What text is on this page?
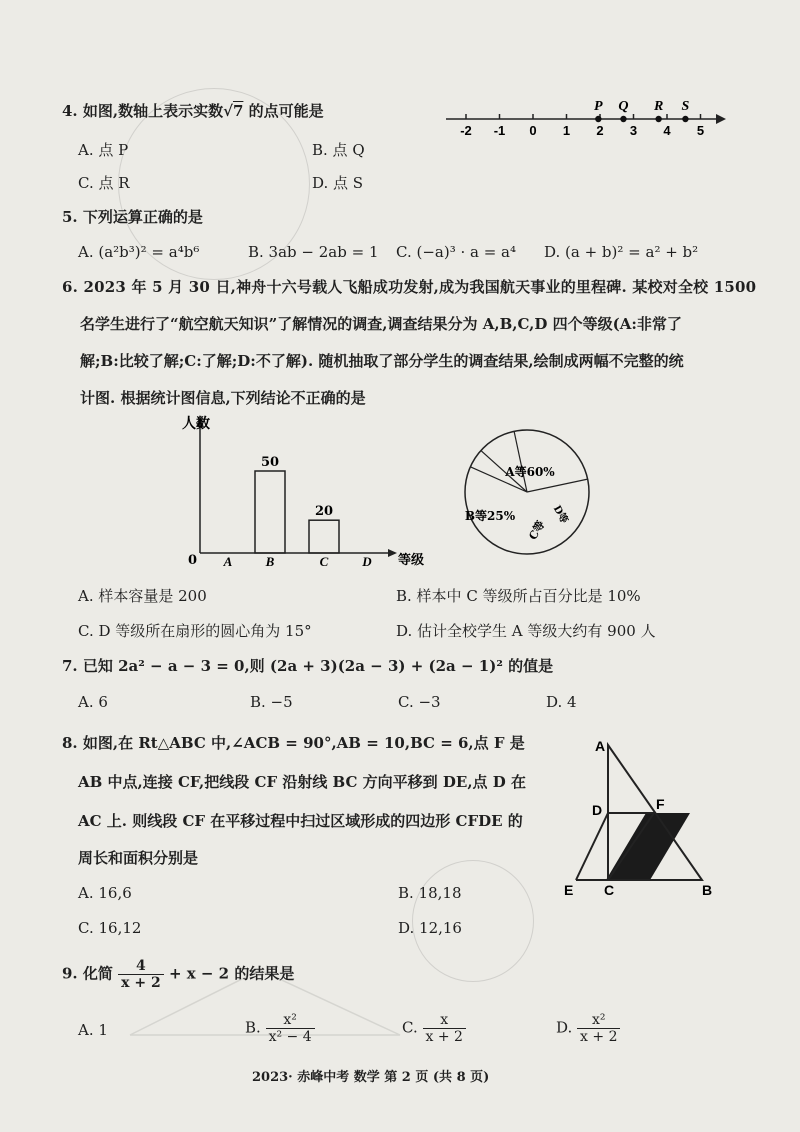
4. 如图,数轴上表示实数√7 的点可能是
A. 点 P	B. 点 Q
C. 点 R	D. 点 S
-2 -1 0 1 2 3 4 5
P Q R S
5. 下列运算正确的是
A. (a²b³)² = a⁴b⁶	B. 3ab − 2ab = 1 C. (−a)³ · a = a⁴ D. (a + b)² = a² + b²
6. 2023 年 5 月 30 日,神舟十六号载人飞船成功发射,成为我国航天事业的里程碑. 某校对全校 1500
名学生进行了“航空航天知识”了解情况的调查,调查结果分为 A,B,C,D 四个等级(A:非常了
解;B:比较了解;C:了解;D:不了解). 随机抽取了部分学生的调查结果,绘制成两幅不完整的统
计图. 根据统计图信息,下列结论不正确的是
人数
等级
0 A	B
50
C
20
D
A等60%
D等
C等
B等25%
A. 样本容量是 200	B. 样本中 C 等级所占百分比是 10%
C. D 等级所在扇形的圆心角为 15°	D. 估计全校学生 A 等级大约有 900 人
7. 已知 2a² − a − 3 = 0,则 (2a + 3)(2a − 3) + (2a − 1)² 的值是
A. 6	B. −5	C. −3	D. 4
8. 如图,在 Rt△ABC 中,∠ACB = 90°,AB = 10,BC = 6,点 F 是
AB 中点,连接 CF,把线段 CF 沿射线 BC 方向平移到 DE,点 D 在
AC 上. 则线段 CF 在平移过程中扫过区域形成的四边形 CFDE 的
周长和面积分别是
A. 16,6	B. 18,18
C. 16,12	D. 12,16
A
D	F
E C	B
9. 化简 $\frac{4}{x + 2} + x - 2$ 的结果是
A. 1	B. $\frac{\text{x²}}{\text{x² − 4}}$	C. $\frac{x}{x + 2}$	D. $\frac{\text{x²}}{x + 2}$
2023· 赤峰中考 数学 第 2 页 (共 8 页)
